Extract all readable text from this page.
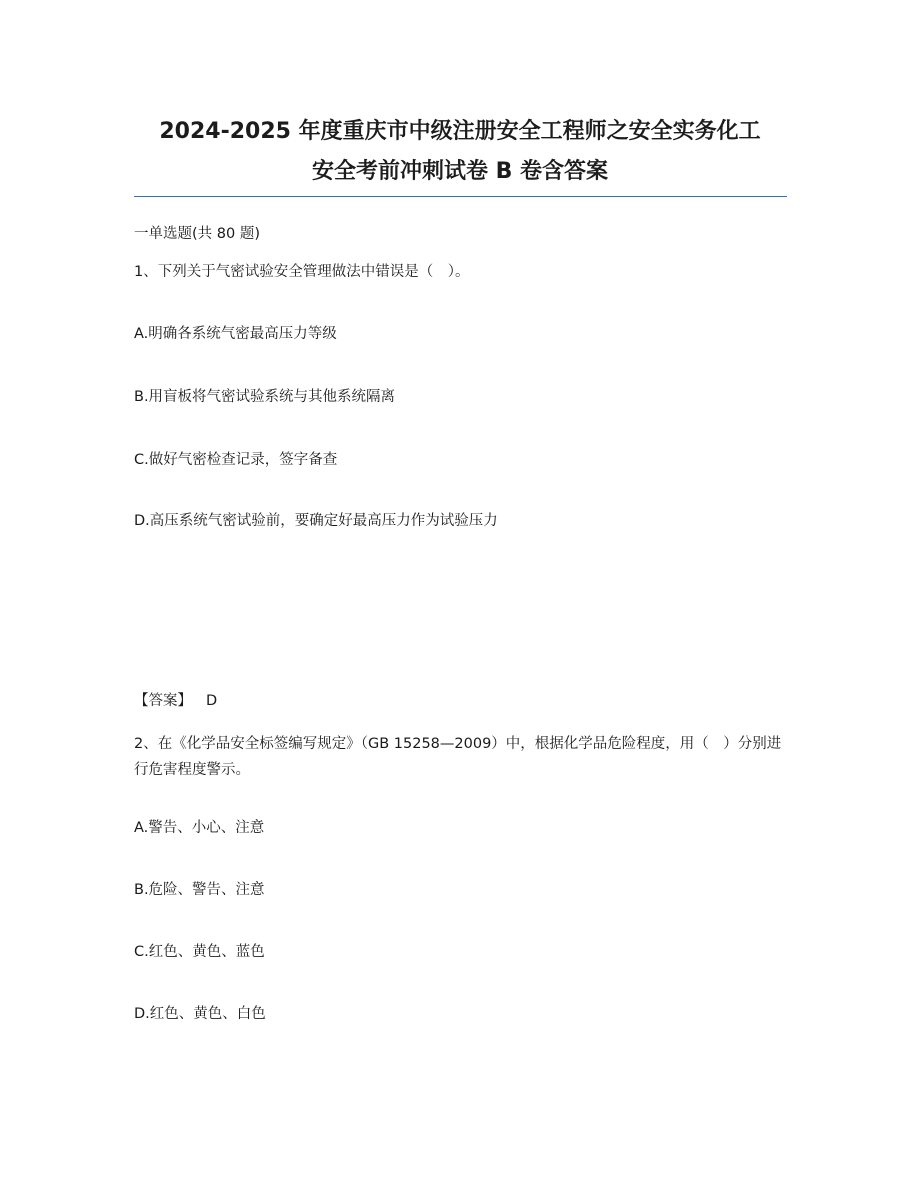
2024-2025 年度重庆市中级注册安全工程师之安全实务化工
安全考前冲刺试卷 B 卷含答案
一单选题(共 80 题)
1、下列关于气密试验安全管理做法中错误是（　）。
A.明确各系统气密最高压力等级
B.用盲板将气密试验系统与其他系统隔离
C.做好气密检查记录，签字备查
D.高压系统气密试验前，要确定好最高压力作为试验压力
【答案】 D
2、在《化学品安全标签编写规定》（GB 15258—2009）中，根据化学品危险程度，用（　）分别进行危害程度警示。
A.警告、小心、注意
B.危险、警告、注意
C.红色、黄色、蓝色
D.红色、黄色、白色
